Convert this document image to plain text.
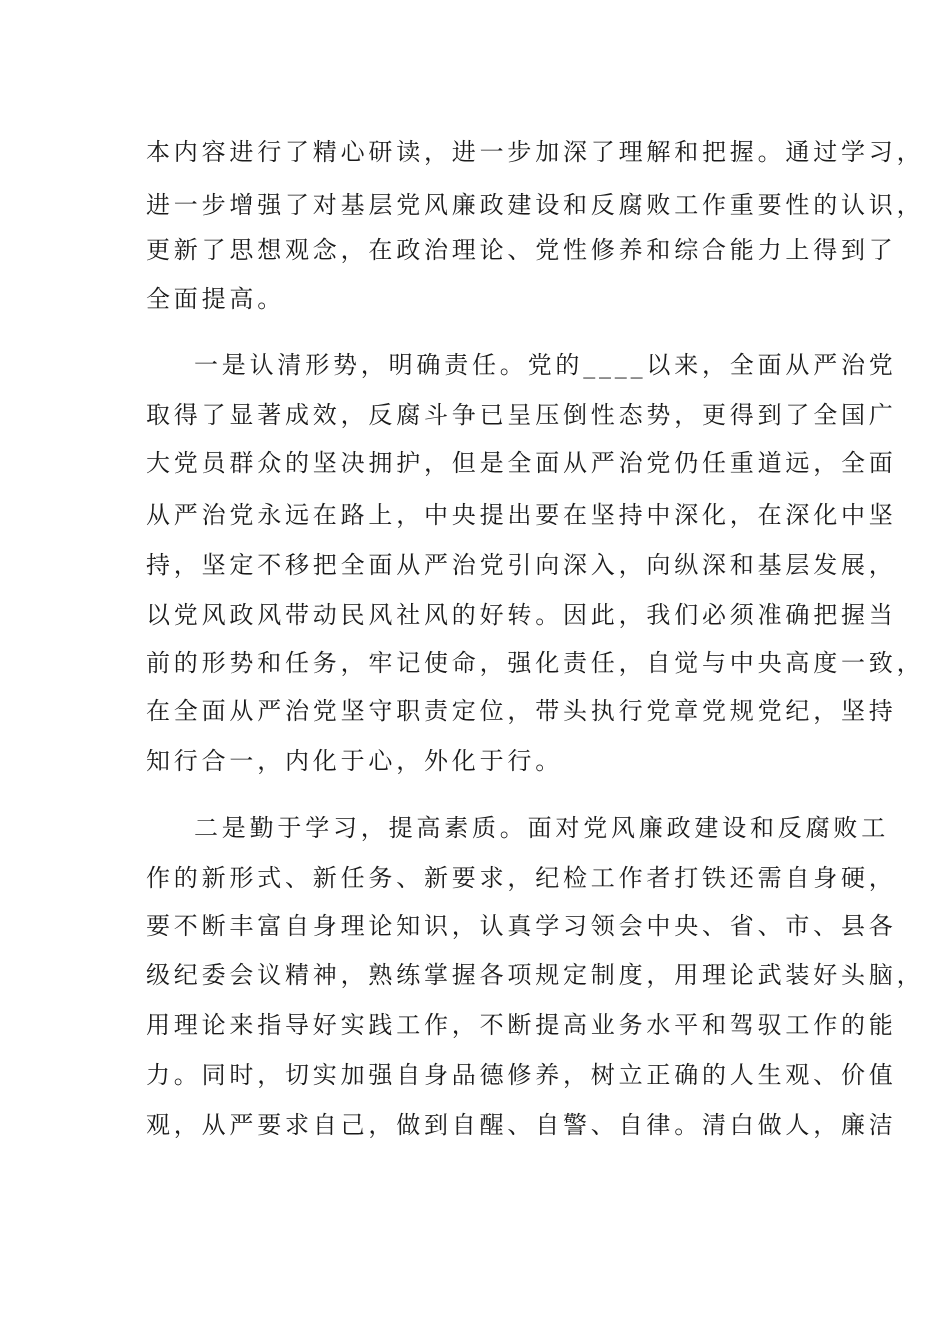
本内容进行了精心研读，进一步加深了理解和把握。通过学习，
进一步增强了对基层党风廉政建设和反腐败工作重要性的认识，
更新了思想观念，在政治理论、党性修养和综合能力上得到了
全面提高。
一是认清形势，明确责任。党的____以来，全面从严治党
取得了显著成效，反腐斗争已呈压倒性态势，更得到了全国广
大党员群众的坚决拥护，但是全面从严治党仍任重道远，全面
从严治党永远在路上，中央提出要在坚持中深化，在深化中坚
持，坚定不移把全面从严治党引向深入，向纵深和基层发展，
以党风政风带动民风社风的好转。因此，我们必须准确把握当
前的形势和任务，牢记使命，强化责任，自觉与中央高度一致，
在全面从严治党坚守职责定位，带头执行党章党规党纪，坚持
知行合一，内化于心，外化于行。
二是勤于学习，提高素质。面对党风廉政建设和反腐败工
作的新形式、新任务、新要求，纪检工作者打铁还需自身硬，
要不断丰富自身理论知识，认真学习领会中央、省、市、县各
级纪委会议精神，熟练掌握各项规定制度，用理论武装好头脑，
用理论来指导好实践工作，不断提高业务水平和驾驭工作的能
力。同时，切实加强自身品德修养，树立正确的人生观、价值
观，从严要求自己，做到自醒、自警、自律。清白做人，廉洁
